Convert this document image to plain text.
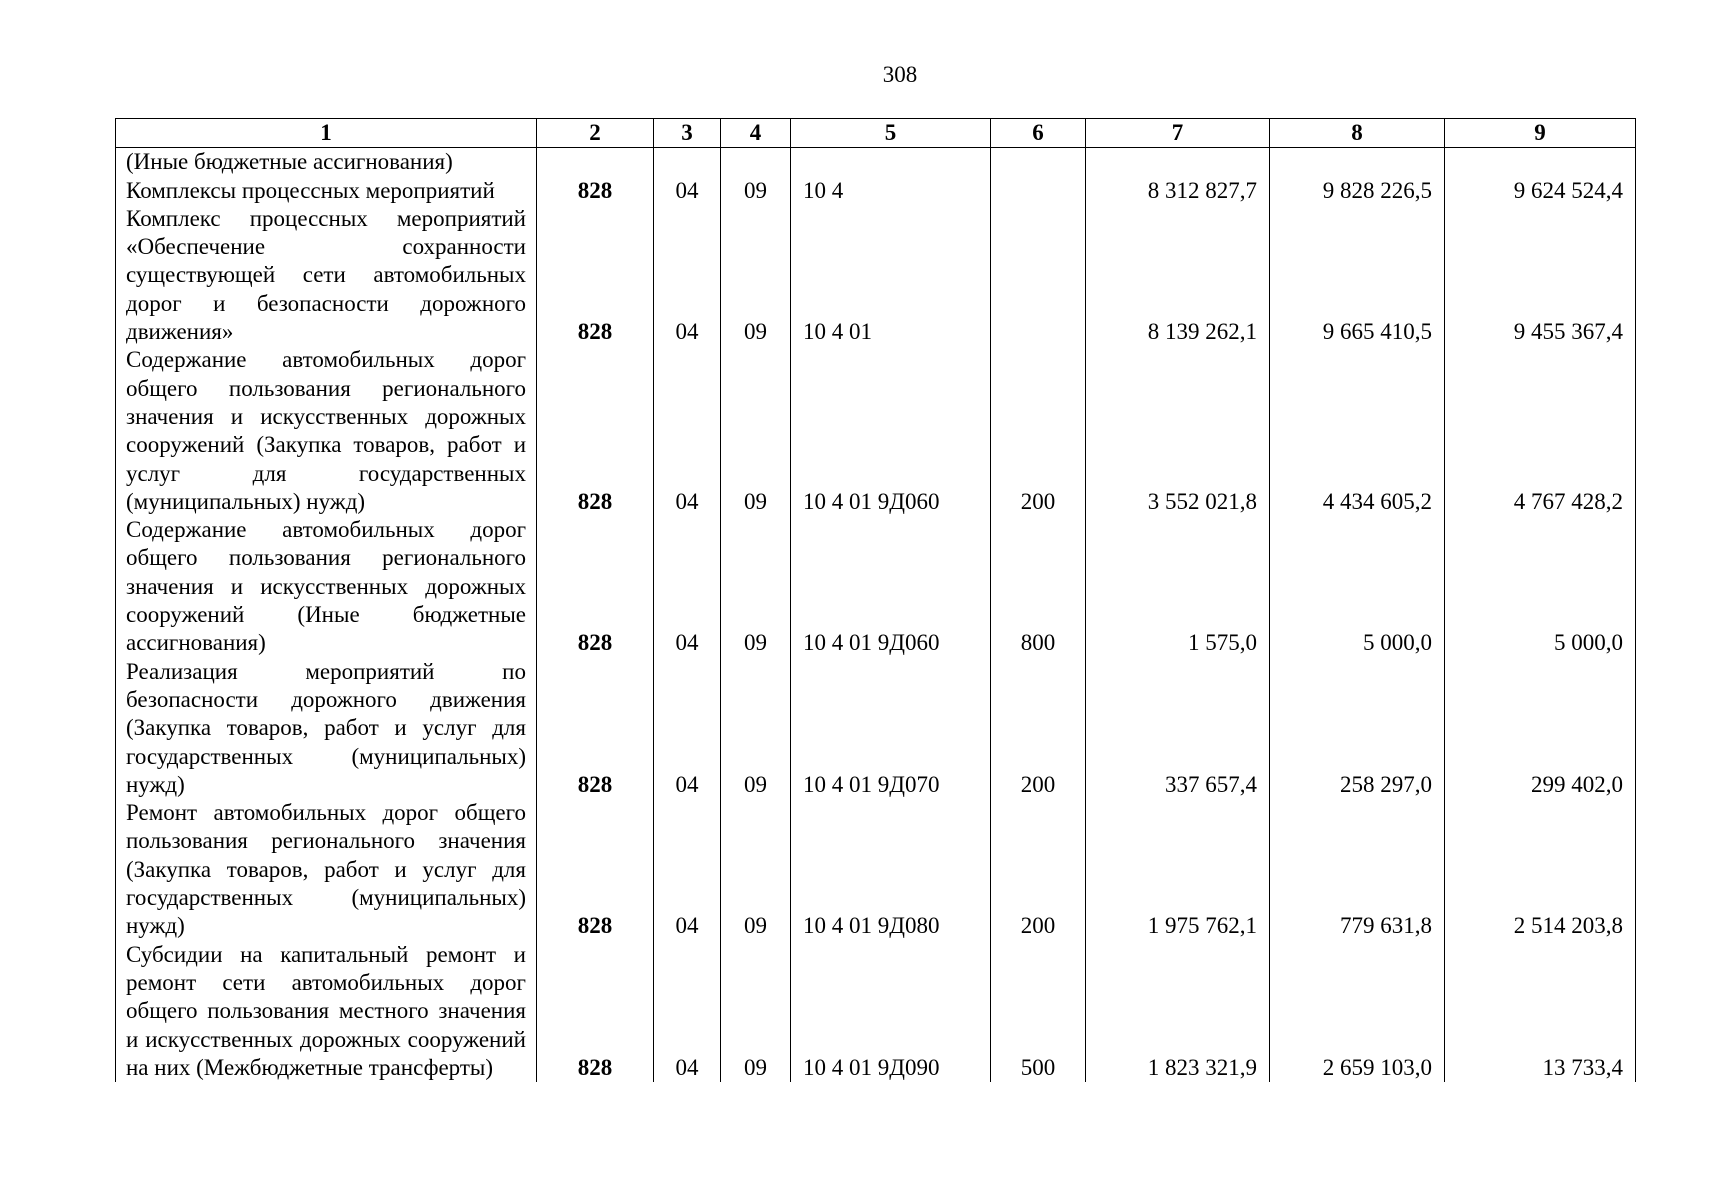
308
1	2	3	4	5	6	7	8	9
(Иные бюджетные ассигнования)								
Комплексы процессных мероприятий	828	04	09	10 4		8 312 827,7	9 828 226,5	9 624 524,4
Комплекс процессных мероприятий «Обеспечение сохранности существующей сети автомобильных дорог и безопасности дорожного движения»	828	04	09	10 4 01		8 139 262,1	9 665 410,5	9 455 367,4
Содержание автомобильных дорог общего пользования регионального значения и искусственных дорожных сооружений (Закупка товаров, работ и услуг для государственных (муниципальных) нужд)	828	04	09	10 4 01 9Д060	200	3 552 021,8	4 434 605,2	4 767 428,2
Содержание автомобильных дорог общего пользования регионального значения и искусственных дорожных сооружений (Иные бюджетные ассигнования)	828	04	09	10 4 01 9Д060	800	1 575,0	5 000,0	5 000,0
Реализация мероприятий по безопасности дорожного движения (Закупка товаров, работ и услуг для государственных (муниципальных) нужд)	828	04	09	10 4 01 9Д070	200	337 657,4	258 297,0	299 402,0
Ремонт автомобильных дорог общего пользования регионального значения (Закупка товаров, работ и услуг для государственных (муниципальных) нужд)	828	04	09	10 4 01 9Д080	200	1 975 762,1	779 631,8	2 514 203,8
Субсидии на капитальный ремонт и ремонт сети автомобильных дорог общего пользования местного значения и искусственных дорожных сооружений на них (Межбюджетные трансферты)	828	04	09	10 4 01 9Д090	500	1 823 321,9	2 659 103,0	13 733,4
